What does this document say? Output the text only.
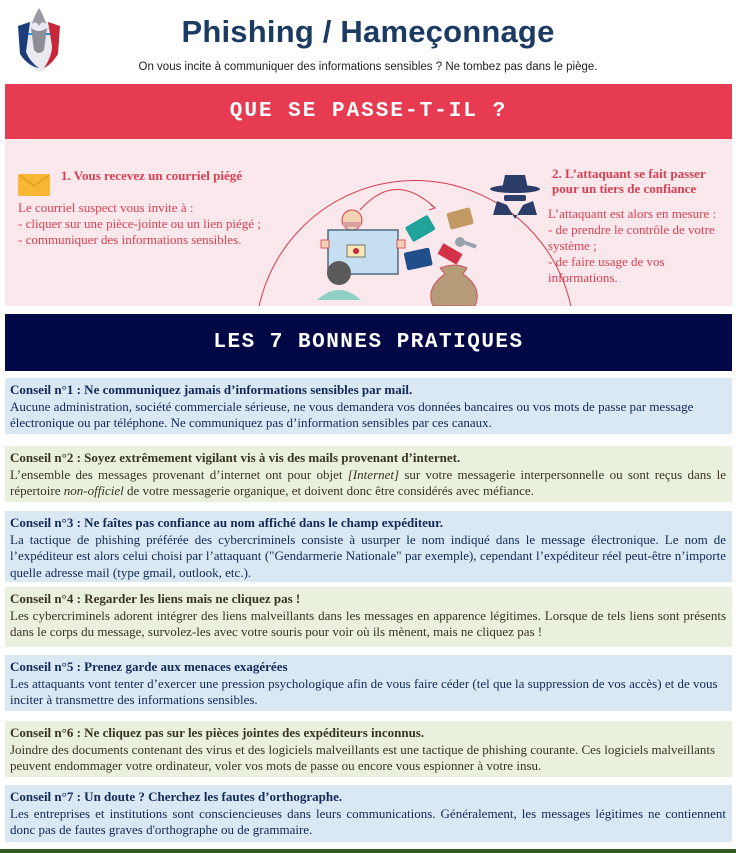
Phishing / Hameçonnage
On vous incite à communiquer des informations sensibles ? Ne tombez pas dans le piège.
QUE SE PASSE-T-IL ?
1. Vous recevez un courriel piégé
Le courriel suspect vous invite à :
- cliquer sur une pièce-jointe ou un lien piégé ;
- communiquer des informations sensibles.
2. L’attaquant se fait passer pour un tiers de confiance
L’attaquant est alors en mesure :
- de prendre le contrôle de votre système ;
- de faire usage de vos informations.
LES 7 BONNES PRATIQUES
Conseil n°1 : Ne communiquez jamais d’informations sensibles par mail.
Aucune administration, société commerciale sérieuse, ne vous demandera vos données bancaires ou vos mots de passe par message électronique ou par téléphone. Ne communiquez pas d’information sensibles par ces canaux.
Conseil n°2 : Soyez extrêmement vigilant vis à vis des mails provenant d’internet.
L’ensemble des messages provenant d’internet ont pour objet [Internet] sur votre messagerie interpersonnelle ou sont reçus dans le répertoire non-officiel de votre messagerie organique, et doivent donc être considérés avec méfiance.
Conseil n°3 : Ne faîtes pas confiance au nom affiché dans le champ expéditeur.
La tactique de phishing préférée des cybercriminels consiste à usurper le nom indiqué dans le message électronique. Le nom de l’expéditeur est alors celui choisi par l’attaquant ("Gendarmerie Nationale" par exemple), cependant l’expéditeur réel peut-être n’importe quelle adresse mail (type gmail, outlook, etc.).
Conseil n°4 : Regarder les liens mais ne cliquez pas !
Les cybercriminels adorent intégrer des liens malveillants dans les messages en apparence légitimes. Lorsque de tels liens sont présents dans le corps du message, survolez-les avec votre souris pour voir où ils mènent, mais ne cliquez pas !
Conseil n°5 : Prenez garde aux menaces exagérées
Les attaquants vont tenter d’exercer une pression psychologique afin de vous faire céder (tel que la suppression de vos accès) et de vous inciter à transmettre des informations sensibles.
Conseil n°6 : Ne cliquez pas sur les pièces jointes des expéditeurs inconnus.
Joindre des documents contenant des virus et des logiciels malveillants est une tactique de phishing courante. Ces logiciels malveillants peuvent endommager votre ordinateur, voler vos mots de passe ou encore vous espionner à votre insu.
Conseil n°7 : Un doute ? Cherchez les fautes d’orthographe.
Les entreprises et institutions sont consciencieuses dans leurs communications. Généralement, les messages légitimes ne contiennent donc pas de fautes graves d'orthographe ou de grammaire.
